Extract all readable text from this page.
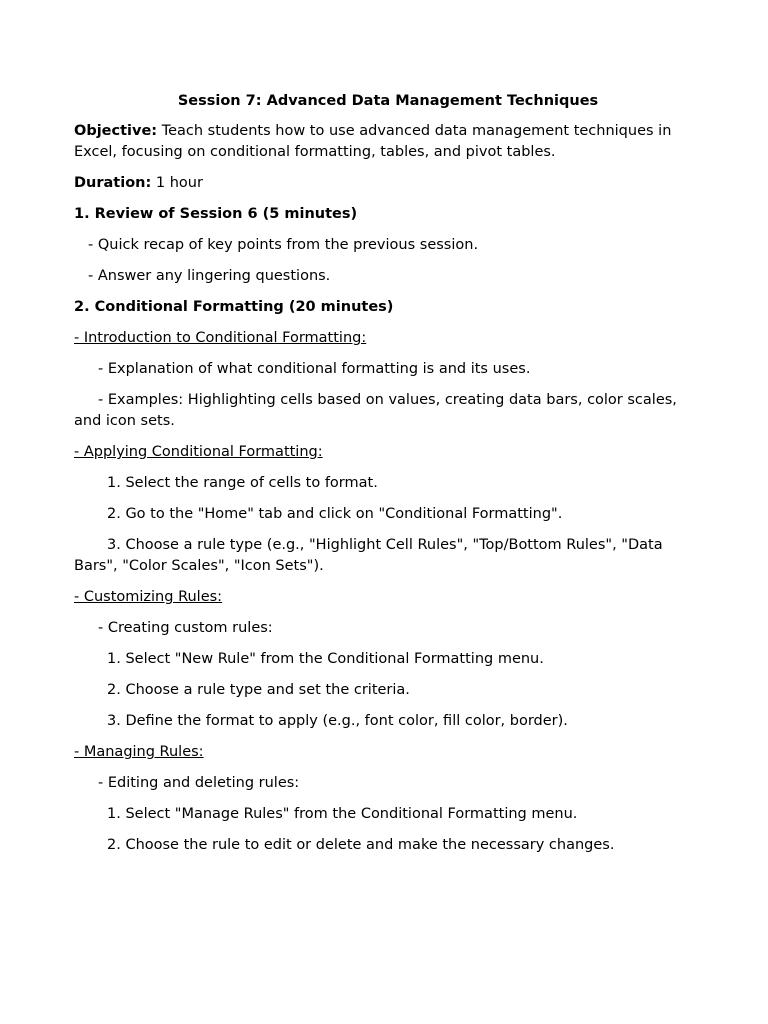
Session 7: Advanced Data Management Techniques

Objective: Teach students how to use advanced data management techniques in Excel, focusing on conditional formatting, tables, and pivot tables.

Duration: 1 hour

1. Review of Session 6 (5 minutes)

- Quick recap of key points from the previous session.

- Answer any lingering questions.

2. Conditional Formatting (20 minutes)

- Introduction to Conditional Formatting:

- Explanation of what conditional formatting is and its uses.

- Examples: Highlighting cells based on values, creating data bars, color scales, and icon sets.

- Applying Conditional Formatting:

1. Select the range of cells to format.

2. Go to the "Home" tab and click on "Conditional Formatting".

3. Choose a rule type (e.g., "Highlight Cell Rules", "Top/Bottom Rules", "Data Bars", "Color Scales", "Icon Sets").

- Customizing Rules:

- Creating custom rules:

1. Select "New Rule" from the Conditional Formatting menu.

2. Choose a rule type and set the criteria.

3. Define the format to apply (e.g., font color, fill color, border).

- Managing Rules:

- Editing and deleting rules:

1. Select "Manage Rules" from the Conditional Formatting menu.

2. Choose the rule to edit or delete and make the necessary changes.
